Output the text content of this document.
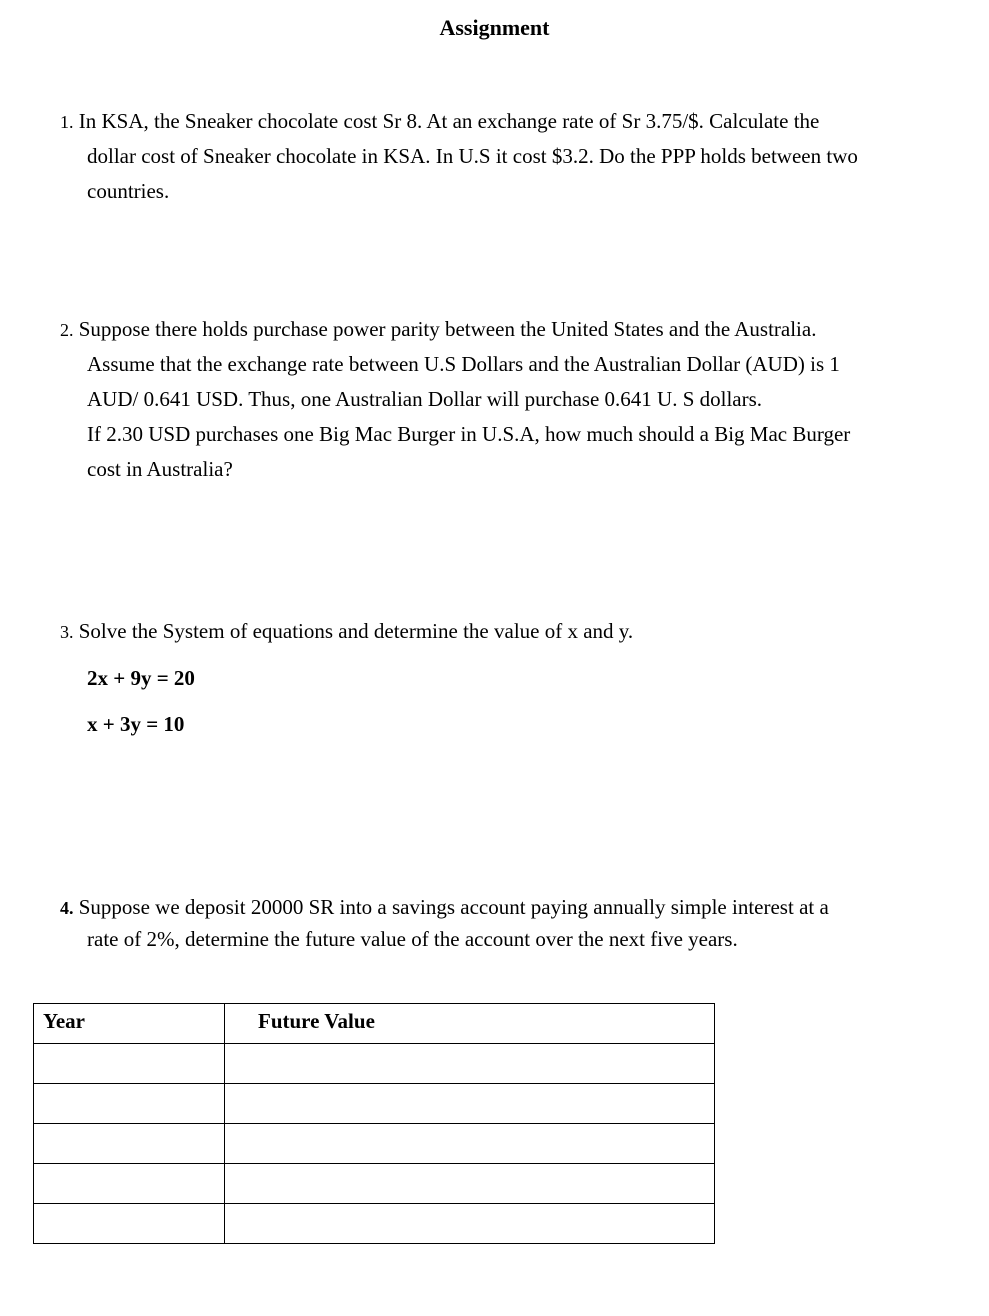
Assignment
1. In KSA, the Sneaker chocolate cost Sr 8. At an exchange rate of Sr 3.75/$. Calculate the
dollar cost of Sneaker chocolate in KSA. In U.S it cost $3.2. Do the PPP holds between two
countries.
2. Suppose there holds purchase power parity between the United States and the Australia.
Assume that the exchange rate between U.S Dollars and the Australian Dollar (AUD) is 1
AUD/ 0.641 USD. Thus, one Australian Dollar will purchase 0.641 U. S dollars.
If 2.30 USD purchases one Big Mac Burger in U.S.A, how much should a Big Mac Burger
cost in Australia?
3. Solve the System of equations and determine the value of x and y.
2x + 9y = 20
x + 3y = 10
4. Suppose we deposit 20000 SR into a savings account paying annually simple interest at a
rate of 2%, determine the future value of the account over the next five years.
Year	Future Value
